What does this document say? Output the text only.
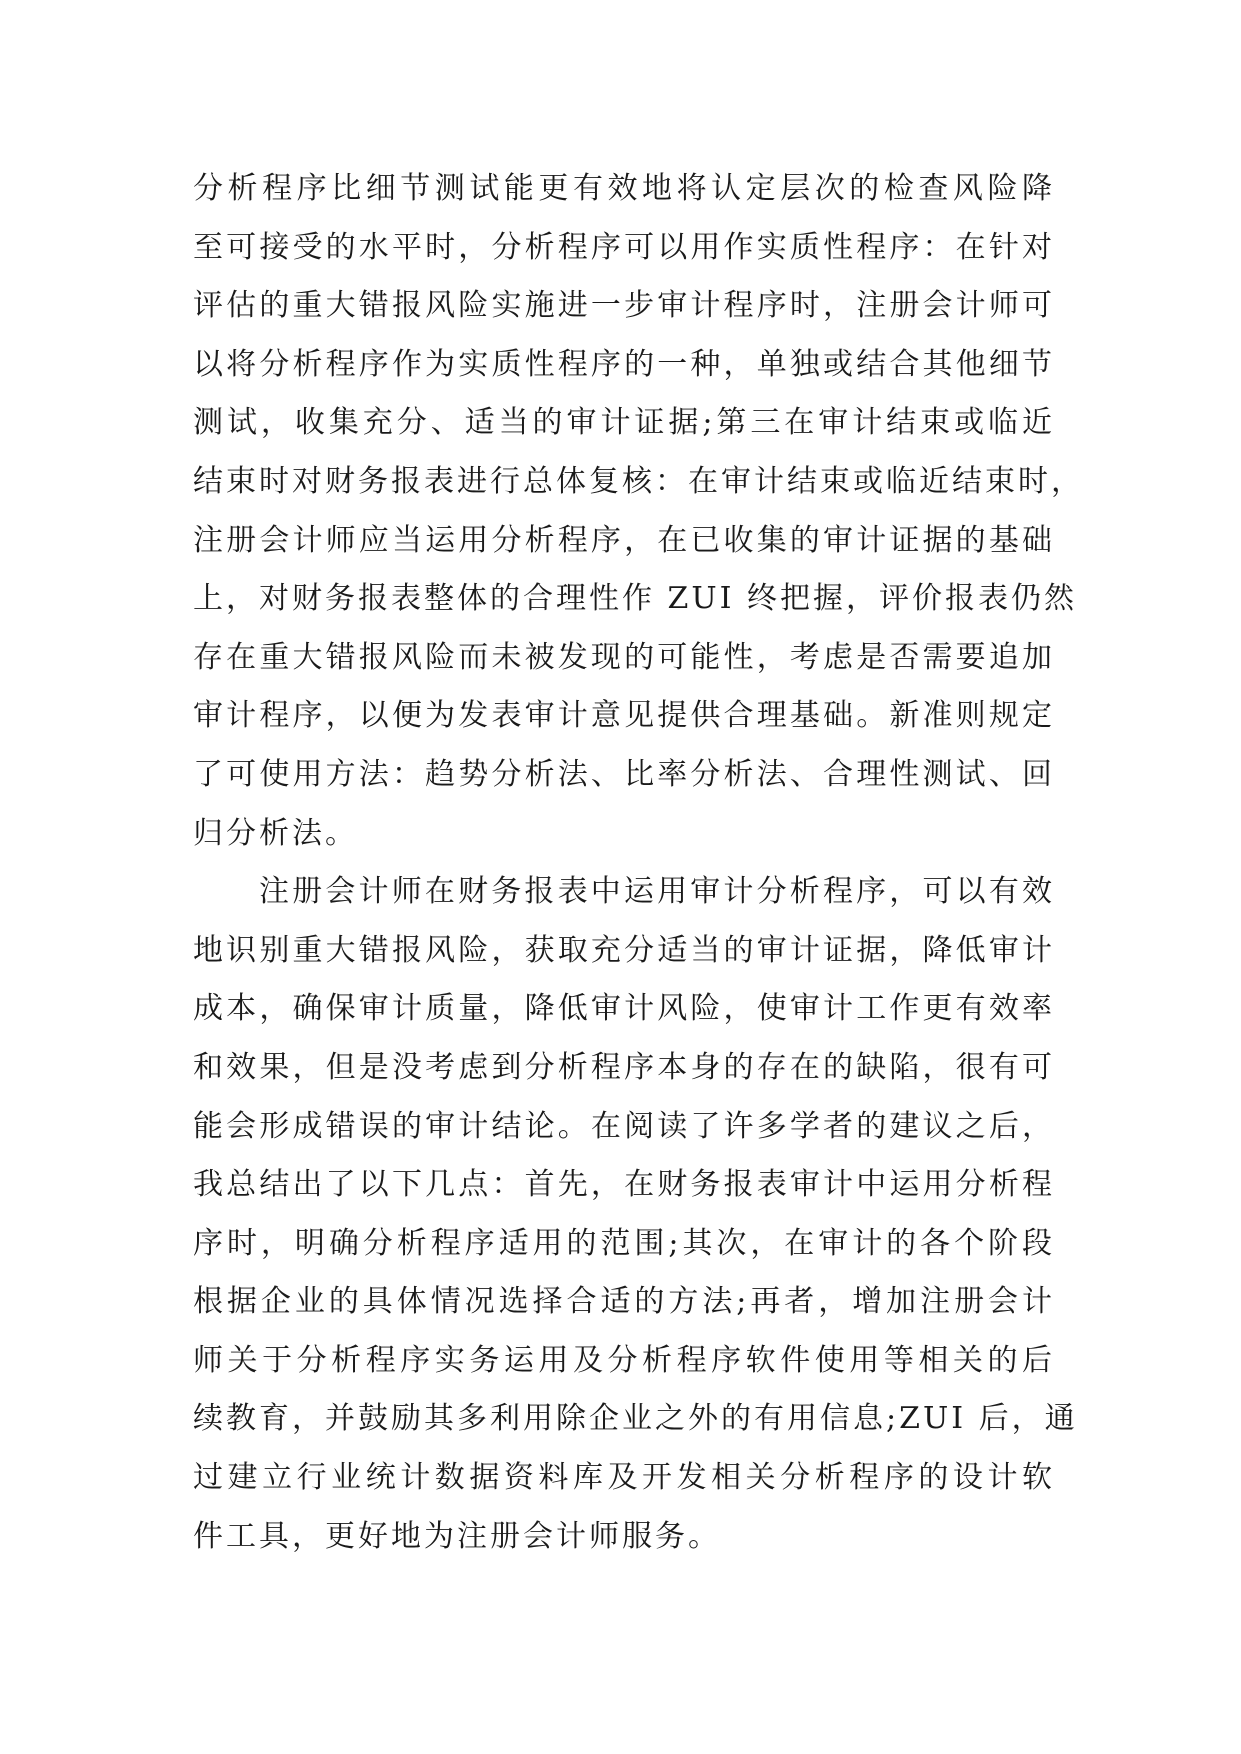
分析程序比细节测试能更有效地将认定层次的检查风险降
至可接受的水平时，分析程序可以用作实质性程序：在针对
评估的重大错报风险实施进一步审计程序时，注册会计师可
以将分析程序作为实质性程序的一种，单独或结合其他细节
测试，收集充分、适当的审计证据;第三在审计结束或临近
结束时对财务报表进行总体复核：在审计结束或临近结束时，
注册会计师应当运用分析程序，在已收集的审计证据的基础
上，对财务报表整体的合理性作 ZUI 终把握，评价报表仍然
存在重大错报风险而未被发现的可能性，考虑是否需要追加
审计程序，以便为发表审计意见提供合理基础。新准则规定
了可使用方法：趋势分析法、比率分析法、合理性测试、回
归分析法。
注册会计师在财务报表中运用审计分析程序，可以有效
地识别重大错报风险，获取充分适当的审计证据，降低审计
成本，确保审计质量，降低审计风险，使审计工作更有效率
和效果，但是没考虑到分析程序本身的存在的缺陷，很有可
能会形成错误的审计结论。在阅读了许多学者的建议之后，
我总结出了以下几点：首先，在财务报表审计中运用分析程
序时，明确分析程序适用的范围;其次，在审计的各个阶段
根据企业的具体情况选择合适的方法;再者，增加注册会计
师关于分析程序实务运用及分析程序软件使用等相关的后
续教育，并鼓励其多利用除企业之外的有用信息;ZUI 后，通
过建立行业统计数据资料库及开发相关分析程序的设计软
件工具，更好地为注册会计师服务。
